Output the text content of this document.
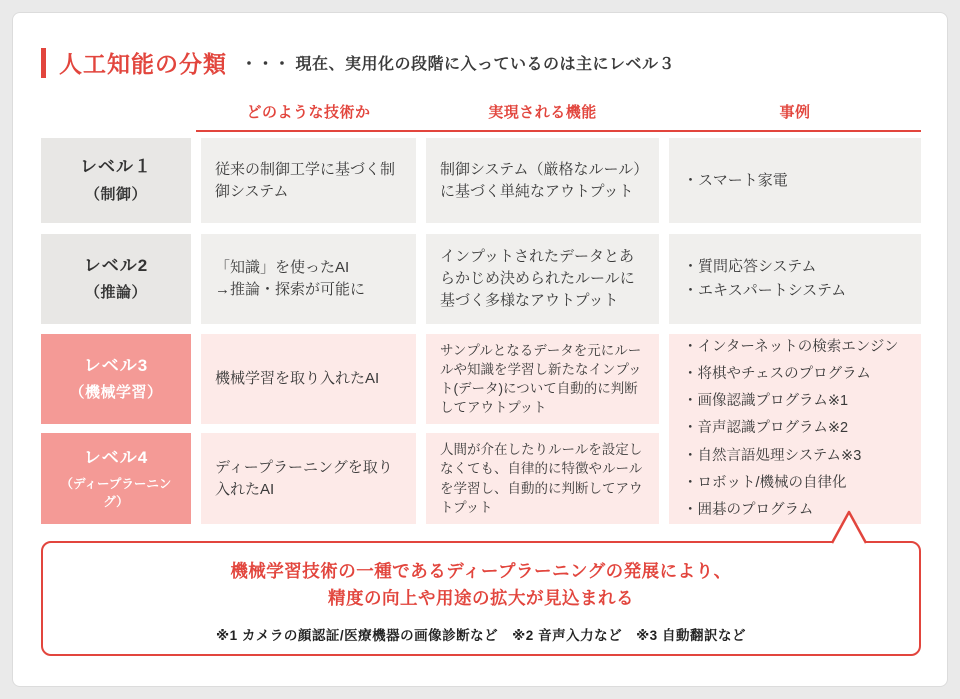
人工知能の分類 ・・・ 現在、実用化の段階に入っているのは主にレベル３
どのような技術か	実現される機能	事例
レベル１
（制御）
従来の制御工学に基づく制御システム
制御システム（厳格なルール）に基づく単純なアウトプット
・スマート家電
レベル2
（推論）
「知識」を使ったAI
→推論・探索が可能に
インプットされたデータとあらかじめ決められたルールに基づく多様なアウトプット
・質問応答システム
・エキスパートシステム
レベル3
（機械学習）
機械学習を取り入れたAI
サンプルとなるデータを元にルールや知識を学習し新たなインプット(データ)について自動的に判断してアウトプット
レベル4
（ディープラーニング）
ディープラーニングを取り入れたAI
人間が介在したりルールを設定しなくても、自律的に特徴やルールを学習し、自動的に判断してアウトプット
・インターネットの検索エンジン
・将棋やチェスのプログラム
・画像認識プログラム※1
・音声認識プログラム※2
・自然言語処理システム※3
・ロボット/機械の自律化
・囲碁のプログラム
機械学習技術の一種であるディープラーニングの発展により、
精度の向上や用途の拡大が見込まれる
※1 カメラの顔認証/医療機器の画像診断など　※2 音声入力など　※3 自動翻訳など
